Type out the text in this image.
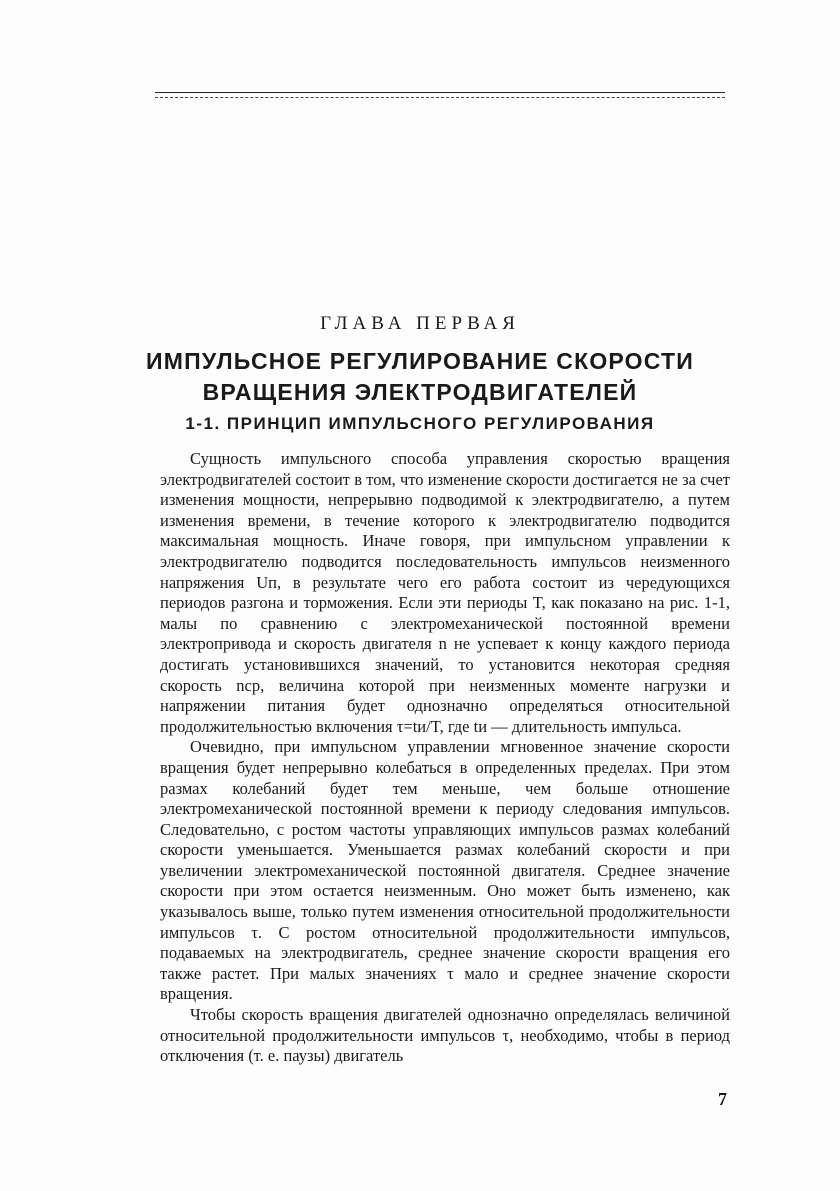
ГЛАВА ПЕРВАЯ
ИМПУЛЬСНОЕ РЕГУЛИРОВАНИЕ СКОРОСТИ
ВРАЩЕНИЯ ЭЛЕКТРОДВИГАТЕЛЕЙ
1-1. ПРИНЦИП ИМПУЛЬСНОГО РЕГУЛИРОВАНИЯ

Сущность импульсного способа управления скоростью вращения электродвигателей состоит в том, что изменение скорости достигается не за счет изменения мощности, непрерывно подводимой к электродвигателю, а путем изменения времени, в течение которого к электродвигателю подводится максимальная мощность. Иначе говоря, при импульсном управлении к электродвигателю подводится последовательность импульсов неизменного напряжения Uп, в результате чего его работа состоит из чередующихся периодов разгона и торможения. Если эти периоды T, как показано на рис. 1-1, малы по сравнению с электромеханической постоянной времени электропривода и скорость двигателя n не успевает к концу каждого периода достигать установившихся значений, то установится некоторая средняя скорость nср, величина которой при неизменных моменте нагрузки и напряжении питания будет однозначно определяться относительной продолжительностью включения τ=tи/T, где tи — длительность импульса.

Очевидно, при импульсном управлении мгновенное значение скорости вращения будет непрерывно колебаться в определенных пределах. При этом размах колебаний будет тем меньше, чем больше отношение электромеханической постоянной времени к периоду следования импульсов. Следовательно, с ростом частоты управляющих импульсов размах колебаний скорости уменьшается. Уменьшается размах колебаний скорости и при увеличении электромеханической постоянной двигателя. Среднее значение скорости при этом остается неизменным. Оно может быть изменено, как указывалось выше, только путем изменения относительной продолжительности импульсов τ. С ростом относительной продолжительности импульсов, подаваемых на электродвигатель, среднее значение скорости вращения его также растет. При малых значениях τ мало и среднее значение скорости вращения.

Чтобы скорость вращения двигателей однозначно определялась величиной относительной продолжительности импульсов τ, необходимо, чтобы в период отключения (т. е. паузы) двигатель

7
